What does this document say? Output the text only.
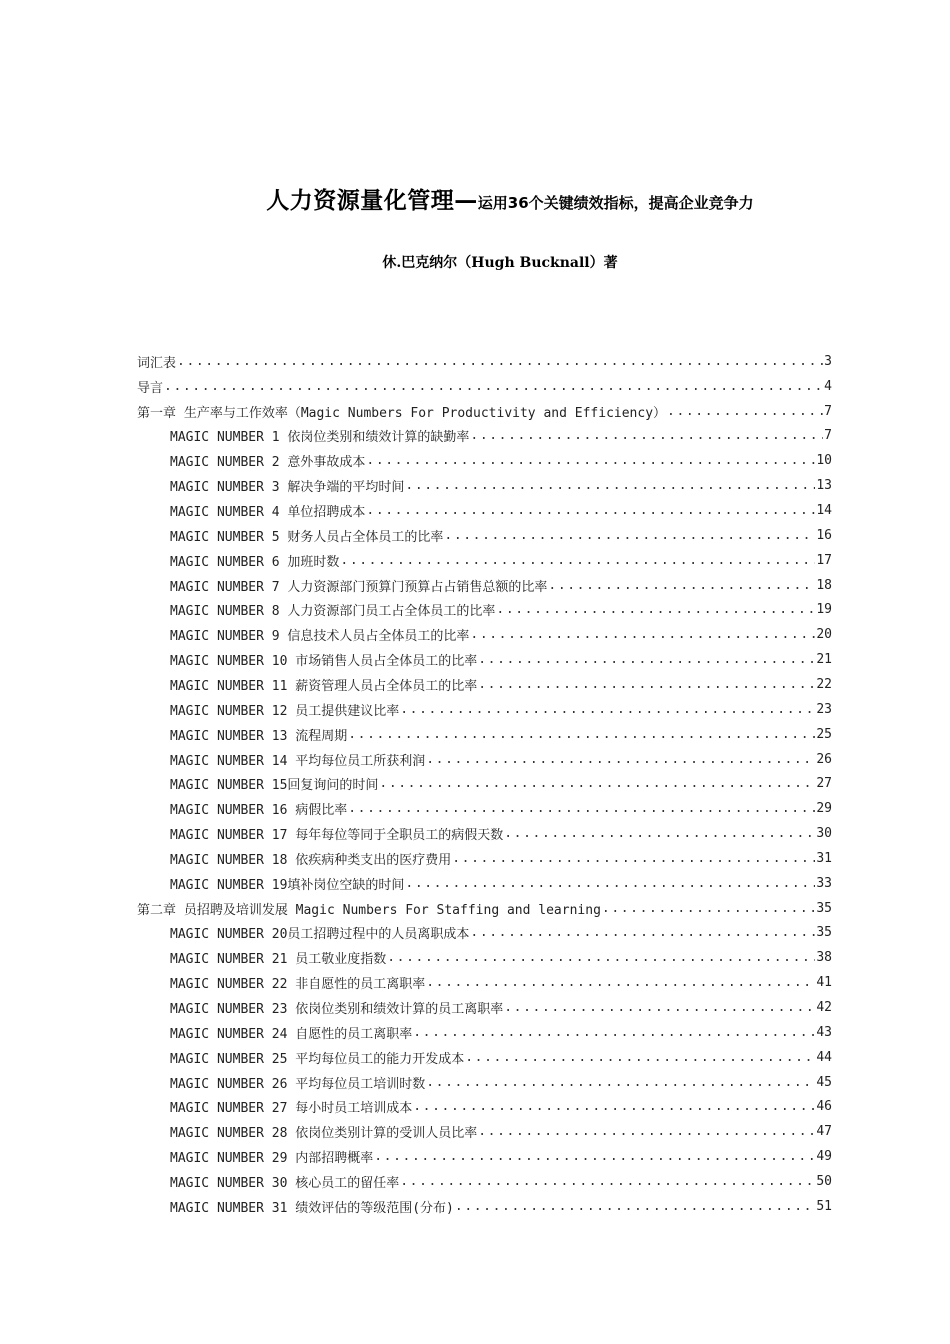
人力资源量化管理—运用36个关键绩效指标，提高企业竞争力
休.巴克纳尔（Hugh Bucknall）著
词汇表 .....	3
导言 .....	4
第一章 生产率与工作效率（Magic Numbers For Productivity and Efficiency） .....	7
MAGIC NUMBER 1 依岗位类别和绩效计算的缺勤率 .....	7
MAGIC NUMBER 2 意外事故成本 .....	10
MAGIC NUMBER 3 解决争端的平均时间 .....	13
MAGIC NUMBER 4 单位招聘成本 .....	14
MAGIC NUMBER 5 财务人员占全体员工的比率 .....	16
MAGIC NUMBER 6 加班时数 .....	17
MAGIC NUMBER 7 人力资源部门预算门预算占占销售总额的比率 .....	18
MAGIC NUMBER 8 人力资源部门员工占全体员工的比率 .....	19
MAGIC NUMBER 9 信息技术人员占全体员工的比率 .....	20
MAGIC NUMBER 10 市场销售人员占全体员工的比率 .....	21
MAGIC NUMBER 11 薪资管理人员占全体员工的比率 .....	22
MAGIC NUMBER 12 员工提供建议比率 .....	23
MAGIC NUMBER 13 流程周期 .....	25
MAGIC NUMBER 14 平均每位员工所获利润 .....	26
MAGIC NUMBER 15回复询问的时间 .....	27
MAGIC NUMBER 16 病假比率 .....	29
MAGIC NUMBER 17 每年每位等同于全职员工的病假天数 .....	30
MAGIC NUMBER 18 依疾病种类支出的医疗费用 .....	31
MAGIC NUMBER 19填补岗位空缺的时间 .....	33
第二章 员招聘及培训发展 Magic Numbers For Staffing and learning .....	35
MAGIC NUMBER 20员工招聘过程中的人员离职成本 .....	35
MAGIC NUMBER 21 员工敬业度指数 .....	38
MAGIC NUMBER 22 非自愿性的员工离职率 .....	41
MAGIC NUMBER 23 依岗位类别和绩效计算的员工离职率 .....	42
MAGIC NUMBER 24 自愿性的员工离职率 .....	43
MAGIC NUMBER 25 平均每位员工的能力开发成本 .....	44
MAGIC NUMBER 26 平均每位员工培训时数 .....	45
MAGIC NUMBER 27 每小时员工培训成本 .....	46
MAGIC NUMBER 28 依岗位类别计算的受训人员比率 .....	47
MAGIC NUMBER 29 内部招聘概率 .....	49
MAGIC NUMBER 30 核心员工的留任率 .....	50
MAGIC NUMBER 31 绩效评估的等级范围(分布) .....	51
